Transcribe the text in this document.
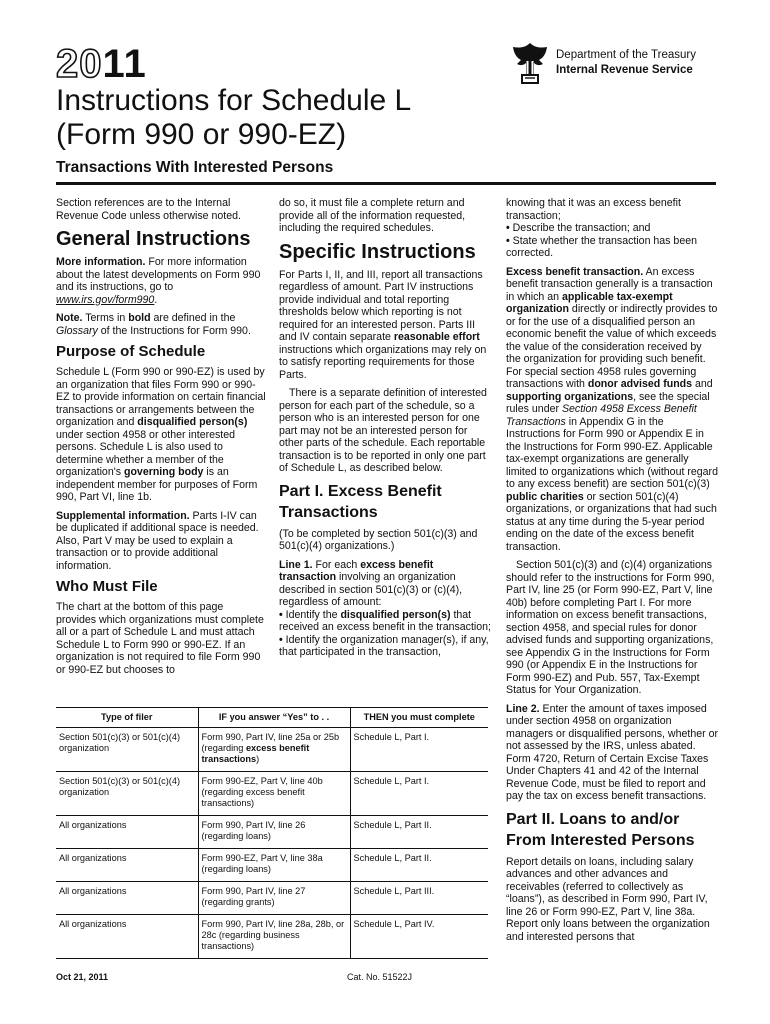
2011
Instructions for Schedule L
(Form 990 or 990-EZ)
Department of the Treasury
Internal Revenue Service
Transactions With Interested Persons

Section references are to the Internal Revenue Code unless otherwise noted.

General Instructions

More information. For more information about the latest developments on Form 990 and its instructions, go to www.irs.gov/form990.

Note. Terms in bold are defined in the Glossary of the Instructions for Form 990.

Purpose of Schedule

Schedule L (Form 990 or 990-EZ) is used by an organization that files Form 990 or 990-EZ to provide information on certain financial transactions or arrangements between the organization and disqualified person(s) under section 4958 or other interested persons. Schedule L is also used to determine whether a member of the organization's governing body is an independent member for purposes of Form 990, Part VI, line 1b.

Supplemental information. Parts I-IV can be duplicated if additional space is needed. Also, Part V may be used to explain a transaction or to provide additional information.

Who Must File

The chart at the bottom of this page provides which organizations must complete all or a part of Schedule L and must attach Schedule L to Form 990 or 990-EZ. If an organization is not required to file Form 990 or 990-EZ but chooses to

do so, it must file a complete return and provide all of the information requested, including the required schedules.

Specific Instructions

For Parts I, II, and III, report all transactions regardless of amount. Part IV instructions provide individual and total reporting thresholds below which reporting is not required for an interested person. Parts III and IV contain separate reasonable effort instructions which organizations may rely on to satisfy reporting requirements for those Parts.

There is a separate definition of interested person for each part of the schedule, so a person who is an interested person for one part may not be an interested person for other parts of the schedule. Each reportable transaction is to be reported in only one part of Schedule L, as described below.

Part I. Excess Benefit Transactions

(To be completed by section 501(c)(3) and 501(c)(4) organizations.)

Line 1. For each excess benefit transaction involving an organization described in section 501(c)(3) or (c)(4), regardless of amount:

• Identify the disqualified person(s) that received an excess benefit in the transaction;

• Identify the organization manager(s), if any, that participated in the transaction,

knowing that it was an excess benefit transaction;

• Describe the transaction; and

• State whether the transaction has been corrected.

Excess benefit transaction. An excess benefit transaction generally is a transaction in which an applicable tax-exempt organization directly or indirectly provides to or for the use of a disqualified person an economic benefit the value of which exceeds the value of the consideration received by the organization for providing such benefit. For special section 4958 rules governing transactions with donor advised funds and supporting organizations, see the special rules under Section 4958 Excess Benefit Transactions in Appendix G in the Instructions for Form 990 or Appendix E in the Instructions for Form 990-EZ. Applicable tax-exempt organizations are generally limited to organizations which (without regard to any excess benefit) are section 501(c)(3) public charities or section 501(c)(4) organizations, or organizations that had such status at any time during the 5-year period ending on the date of the excess benefit transaction.

Section 501(c)(3) and (c)(4) organizations should refer to the instructions for Form 990, Part IV, line 25 (or Form 990-EZ, Part V, line 40b) before completing Part I. For more information on excess benefit transactions, section 4958, and special rules for donor advised funds and supporting organizations, see Appendix G in the Instructions for Form 990 (or Appendix E in the Instructions for Form 990-EZ) and Pub. 557, Tax-Exempt Status for Your Organization.

Line 2. Enter the amount of taxes imposed under section 4958 on organization managers or disqualified persons, whether or not assessed by the IRS, unless abated. Form 4720, Return of Certain Excise Taxes Under Chapters 41 and 42 of the Internal Revenue Code, must be filed to report and pay the tax on excess benefit transactions.

Part II. Loans to and/or From Interested Persons

Report details on loans, including salary advances and other advances and receivables (referred to collectively as “loans”), as described in Form 990, Part IV, line 26 or Form 990-EZ, Part V, line 38a. Report only loans between the organization and interested persons that

Type of filer	IF you answer “Yes” to . .	THEN you must complete
Section 501(c)(3) or 501(c)(4) organization	Form 990, Part IV, line 25a or 25b (regarding excess benefit transactions)	Schedule L, Part I.
Section 501(c)(3) or 501(c)(4) organization	Form 990-EZ, Part V, line 40b (regarding excess benefit transactions)	Schedule L, Part I.
All organizations	Form 990, Part IV, line 26 (regarding loans)	Schedule L, Part II.
All organizations	Form 990-EZ, Part V, line 38a (regarding loans)	Schedule L, Part II.
All organizations	Form 990, Part IV, line 27 (regarding grants)	Schedule L, Part III.
All organizations	Form 990, Part IV, line 28a, 28b, or 28c (regarding business transactions)	Schedule L, Part IV.
Oct 21, 2011	Cat. No. 51522J
